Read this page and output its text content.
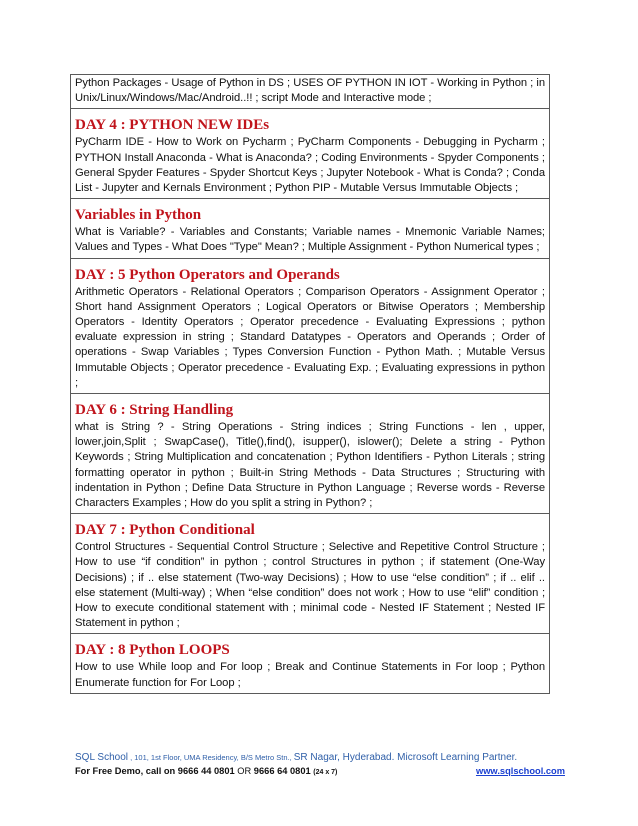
Python Packages - Usage of Python in DS ; USES OF PYTHON IN IOT - Working in Python ; in Unix/Linux/Windows/Mac/Android..!! ; script Mode and Interactive mode ;
DAY 4 : PYTHON NEW IDEs
PyCharm IDE - How to Work on Pycharm ; PyCharm Components - Debugging in Pycharm ; PYTHON Install Anaconda - What is Anaconda? ; Coding Environments - Spyder Components ; General Spyder Features - Spyder Shortcut Keys ; Jupyter Notebook - What is Conda? ; Conda List - Jupyter and Kernals Environment ; Python PIP - Mutable Versus Immutable Objects ;
Variables in Python
What is Variable? - Variables and Constants; Variable names - Mnemonic Variable Names; Values and Types - What Does "Type" Mean? ; Multiple Assignment - Python Numerical types ;
DAY : 5 Python Operators and Operands
Arithmetic Operators - Relational Operators ; Comparison Operators - Assignment Operator ; Short hand Assignment Operators ; Logical Operators or Bitwise Operators ; Membership Operators - Identity Operators ; Operator precedence - Evaluating Expressions ; python evaluate expression in string ; Standard Datatypes - Operators and Operands ; Order of operations - Swap Variables ; Types Conversion Function - Python Math. ; Mutable Versus Immutable Objects ; Operator precedence - Evaluating Exp. ; Evaluating expressions in python ;
DAY 6 : String Handling
what is String ? - String Operations - String indices ; String Functions - len , upper, lower,join,Split ; SwapCase(), Title(),find(), isupper(), islower(); Delete a string - Python Keywords ; String Multiplication and concatenation ; Python Identifiers - Python Literals ; string formatting operator in python ; Built-in String Methods - Data Structures ; Structuring with indentation in Python ; Define Data Structure in Python Language ; Reverse words - Reverse Characters Examples ; How do you split a string in Python? ;
DAY 7 : Python Conditional
Control Structures - Sequential Control Structure ; Selective and Repetitive Control Structure ; How to use “if condition” in python ; control Structures in python ; if statement (One-Way Decisions) ; if .. else statement (Two-way Decisions) ; How to use “else condition” ; if .. elif .. else statement (Multi-way) ; When “else condition” does not work ; How to use “elif” condition ; How to execute conditional statement with ; minimal code - Nested IF Statement ; Nested IF Statement in python ;
DAY : 8 Python LOOPS
How to use While loop and For loop ; Break and Continue Statements in For loop ; Python Enumerate function for For Loop ;
SQL School , 101, 1st Floor, UMA Residency, B/S Metro Stn., SR Nagar, Hyderabad. Microsoft Learning Partner.
For Free Demo, call on 9666 44 0801 OR 9666 64 0801 (24 x 7)	www.sqlschool.com
